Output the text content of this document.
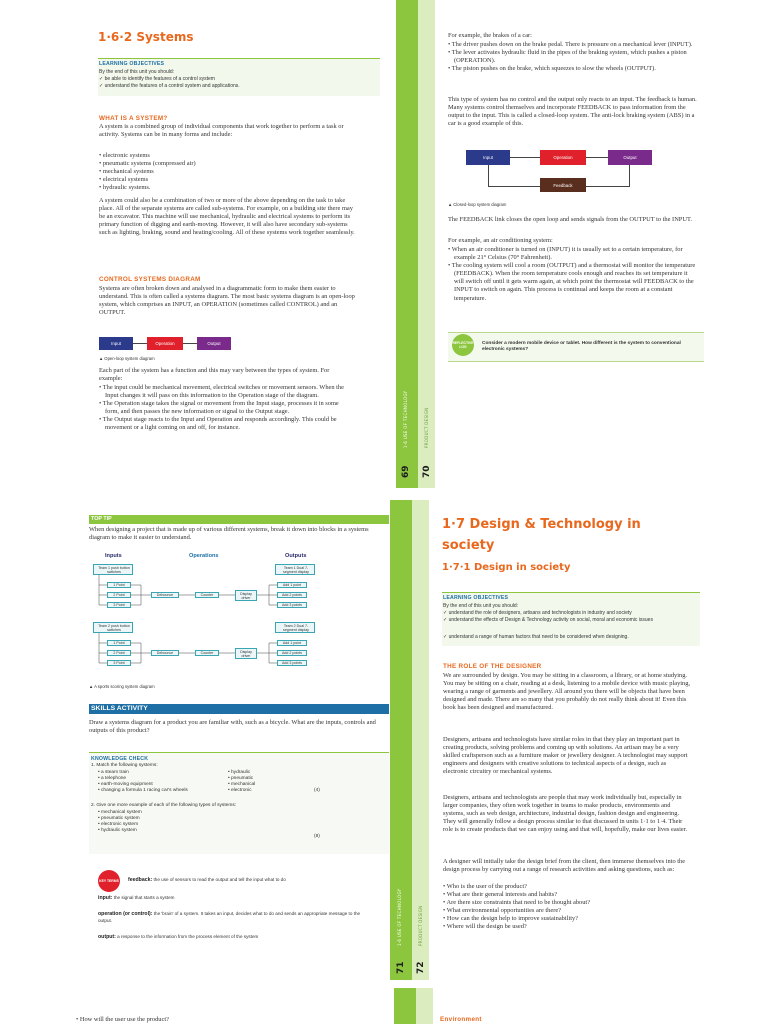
1·6·2 Systems
LEARNING OBJECTIVES
By the end of this unit you should:
✓ be able to identify the features of a control system
✓ understand the features of a control system and applications.
WHAT IS A SYSTEM?
A system is a combined group of individual components that work together to perform a task or activity. Systems can be in many forms and include:
• electronic systems
• pneumatic systems (compressed air)
• mechanical systems
• electrical systems
• hydraulic systems.
A system could also be a combination of two or more of the above depending on the task to take place. All of the separate systems are called sub-systems. For example, on a building site there may be an excavator. This machine will use mechanical, hydraulic and electrical systems to perform its primary function of digging and earth-moving. However, it will also have secondary sub-systems such as lighting, braking, sound and heating/cooling. All of these systems work together seamlessly.
CONTROL SYSTEMS DIAGRAM
Systems are often broken down and analysed in a diagrammatic form to make them easier to understand. This is often called a systems diagram. The most basic systems diagram is an open-loop system, which comprises an INPUT, an OPERATION (sometimes called CONTROL) and an OUTPUT.
Input	Operation	Output
▲ Open-loop system diagram
Each part of the system has a function and this may vary between the types of system. For example:
• The input could be mechanical movement, electrical switches or movement sensors. When the Input changes it will pass on this information to the Operation stage of the diagram.
• The Operation stage takes the signal or movement from the Input stage, processes it in some form, and then passes the new information or signal to the Output stage.
• The Output stage reacts to the Input and Operation and responds accordingly. This could be movement or a light coming on and off, for instance.	1·6 USE OF TECHNOLOGY
69
PRODUCT DESIGN
70
For example, the brakes of a car:
• The driver pushes down on the brake pedal. There is pressure on a mechanical lever (INPUT).
• The lever activates hydraulic fluid in the pipes of the braking system, which pushes a piston (OPERATION).
• The piston pushes on the brake, which squeezes to slow the wheels (OUTPUT).
This type of system has no control and the output only reacts to an input. The feedback is human. Many systems control themselves and incorporate FEEDBACK to pass information from the output to the input. This is called a closed-loop system. The anti-lock braking system (ABS) in a car is a good example of this.
Input	Operation	Output
Feedback
▲ Closed-loop system diagram
The FEEDBACK link closes the open loop and sends signals from the OUTPUT to the INPUT.
For example, an air conditioning system:
• When an air conditioner is turned on (INPUT) it is usually set to a certain temperature, for example 21° Celsius (70° Fahrenheit).
• The cooling system will cool a room (OUTPUT) and a thermostat will monitor the temperature (FEEDBACK). When the room temperature cools enough and reaches its set temperature it will switch off until it gets warm again, at which point the thermostat will FEEDBACK to the INPUT to switch on again. This process is continual and keeps the room at a constant temperature.
REFLECTIVE LOG
Consider a modern mobile device or tablet. How different is the system to conventional electronic systems?
TOP TIP
When designing a project that is made up of various different systems, break it down into blocks in a systems diagram to make it easier to understand.
Inputs	Operations	Outputs
Team 1 push button switches
1 Point
2 Point
3 Point
Debounce	Counter	Display driver
Team 1 Dual 7-segment display
Add 1 point
Add 2 points
Add 3 points
Team 2 push button switches
1 Point
2 Point
3 Point
Debounce	Counter	Display driver
Team 2 Dual 7-segment display
Add 1 point
Add 2 points
Add 3 points
▲ A sports scoring system diagram
SKILLS ACTIVITY
Draw a systems diagram for a product you are familiar with, such as a bicycle. What are the inputs, controls and outputs of this product?
KNOWLEDGE CHECK
1. Match the following systems:
• a steam train
• a telephone
• earth-moving equipment
• changing a formula 1 racing car's wheels
• hydraulic
• pneumatic
• mechanical
• electronic	(4)
2. Give one more example of each of the following types of systems:
• mechanical system
• pneumatic system
• electronic system
• hydraulic system
(8)
KEY TERMS feedback: the use of sensors to read the output and tell the input what to do
input: the signal that starts a system
operation (or control): the 'brain' of a system. It takes an input, decides what to do and sends an appropriate message to the output.
output: a response to the information from the process element of the system	1·6 USE OF TECHNOLOGY
71
PRODUCT DESIGN
72
1·7 Design & Technology in society
1·7·1 Design in society
LEARNING OBJECTIVES
By the end of this unit you should:
✓ understand the role of designers, artisans and technologists in industry and society
✓ understand the effects of Design & Technology activity on social, moral and economic issues
✓ understand a range of human factors that need to be considered when designing.
THE ROLE OF THE DESIGNER
We are surrounded by design. You may be sitting in a classroom, a library, or at home studying. You may be sitting on a chair, reading at a desk, listening to a mobile device with music playing, wearing a range of garments and jewellery. All around you there will be objects that have been designed and made. There are so many that you probably do not really think about it! Even this book has been designed and manufactured.
Designers, artisans and technologists have similar roles in that they play an important part in creating products, solving problems and coming up with solutions. An artisan may be a very skilled craftsperson such as a furniture maker or jewellery designer. A technologist may support engineers and designers with creative solutions to technical aspects of a design, such as electronic circuitry or mechanical systems.
Designers, artisans and technologists are people that may work individually but, especially in larger companies, they often work together in teams to make products, environments and systems, such as web design, architecture, industrial design, fashion design and engineering. They will generally follow a design process similar to that discussed in units 1·1 to 1·4. Their role is to create products that we can enjoy using and that will, hopefully, make our lives easier.
A designer will initially take the design brief from the client, then immerse themselves into the design process by carrying out a range of research activities and asking questions, such as:
• Who is the user of the product?
• What are their general interests and habits?
• Are there size constraints that need to be thought about?
• What environmental opportunities are there?
• How can the design help to improve sustainability?
• Where will the design be used?
• How will the user use the product?	Environment
